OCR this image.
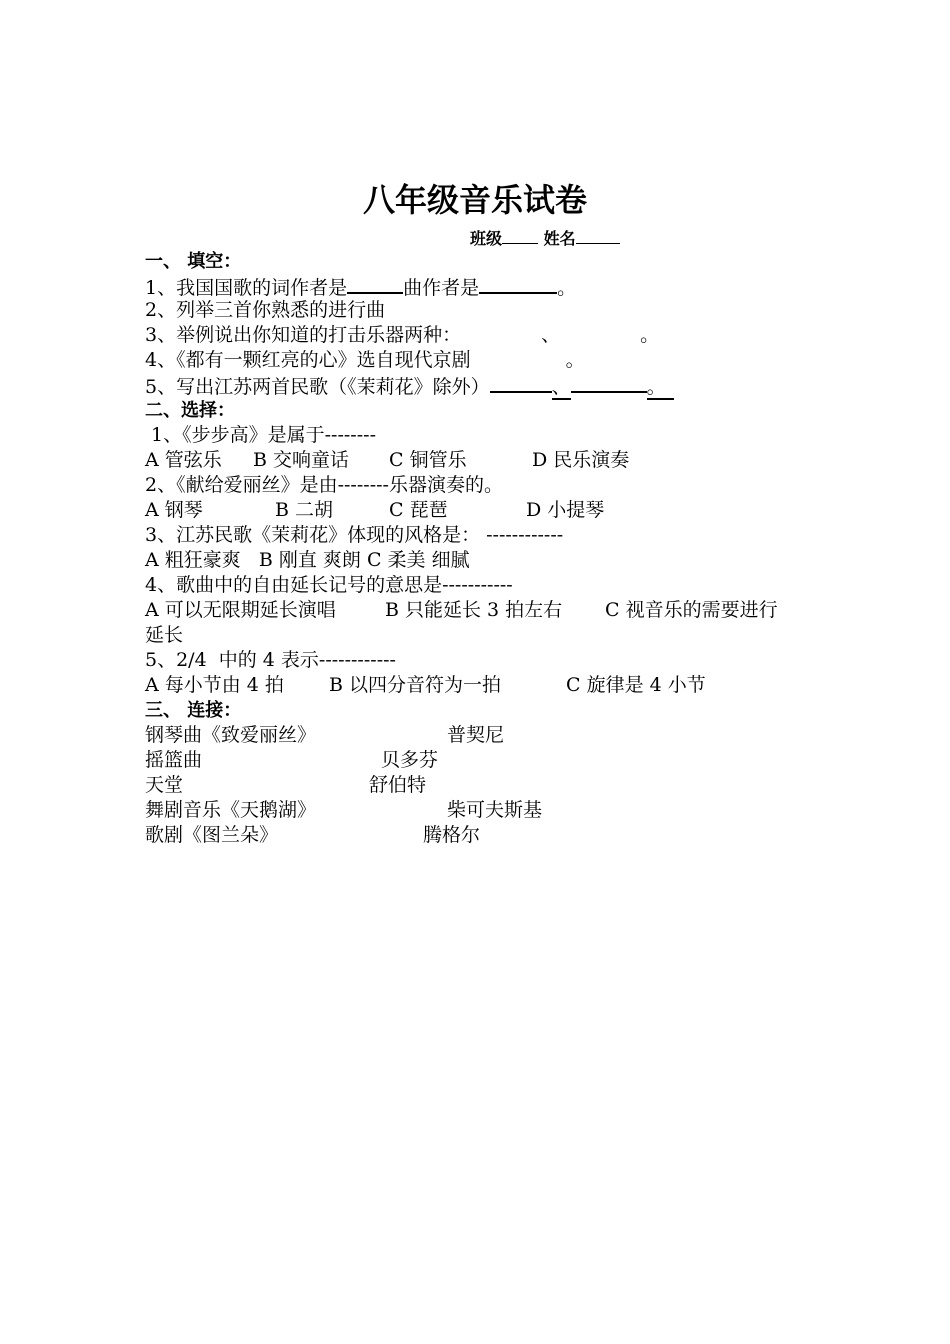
八年级音乐试卷
班级	姓名
一、 填空：
1、我国国歌的词作者是	曲作者是	。
2、列举三首你熟悉的进行曲
3、举例说出你知道的打击乐器两种：	、	。
4、《都有一颗红亮的心》选自现代京剧	。
5、写出江苏两首民歌（《茉莉花》除外）	、	。
二、选择：
1、《步步高》是属于--------
A 管弦乐 B 交响童话 C 铜管乐	D 民乐演奏
2、《献给爱丽丝》是由--------乐器演奏的。
A 钢琴	B 二胡	C 琵琶	D 小提琴
3、江苏民歌《茉莉花》体现的风格是： ------------
A 粗狂豪爽   B 刚直 爽朗 C 柔美 细腻
4、歌曲中的自由延长记号的意思是-----------
A 可以无限期延长演唱	B 只能延长 3 拍左右 C 视音乐的需要进行
延长
5、2/4  中的 4 表示------------
A 每小节由 4 拍 B 以四分音符为一拍	C 旋律是 4 小节
三、 连接：
钢琴曲《致爱丽丝》	普契尼
摇篮曲	贝多芬
天堂	舒伯特
舞剧音乐《天鹅湖》	柴可夫斯基
歌剧《图兰朵》	腾格尔
